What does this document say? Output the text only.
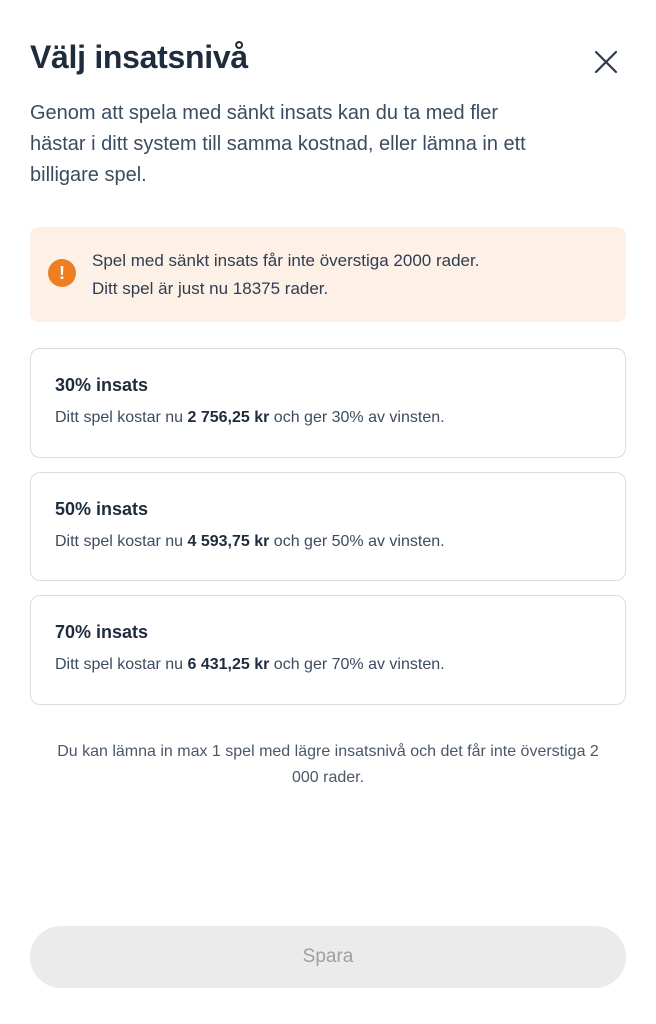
Välj insatsnivå

Genom att spela med sänkt insats kan du ta med fler hästar i ditt system till samma kostnad, eller lämna in ett billigare spel.

!
Spel med sänkt insats får inte överstiga 2000 rader.
Ditt spel är just nu 18375 rader.
30% insats
Ditt spel kostar nu 2 756,25 kr och ger 30% av vinsten.
50% insats
Ditt spel kostar nu 4 593,75 kr och ger 50% av vinsten.
70% insats
Ditt spel kostar nu 6 431,25 kr och ger 70% av vinsten.

Du kan lämna in max 1 spel med lägre insatsnivå och det får inte överstiga 2 000 rader.

Spara
